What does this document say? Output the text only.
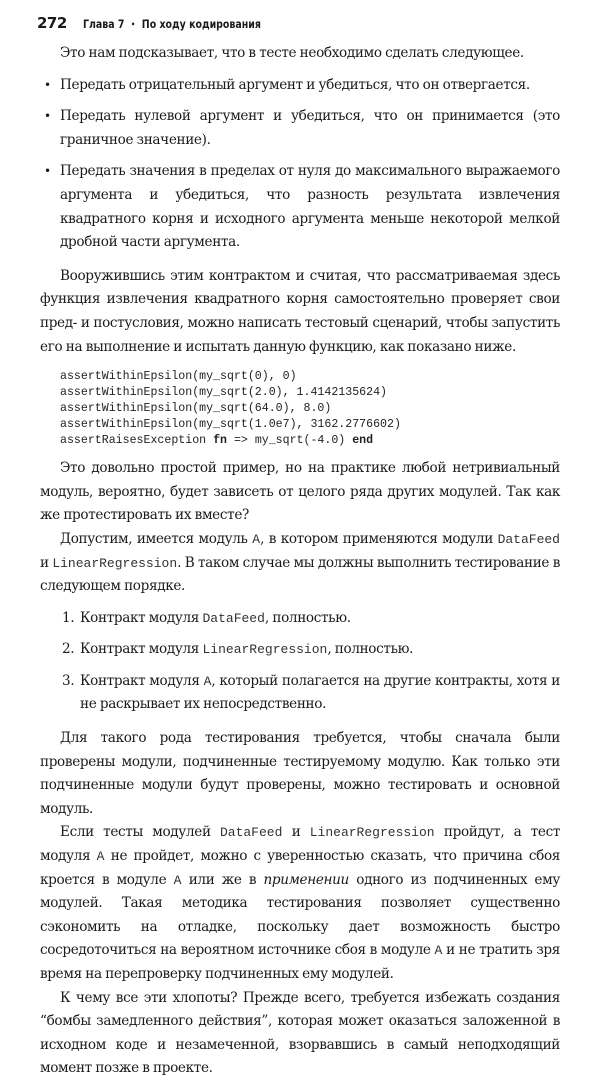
272 Глава 7 • По ходу кодирования

Это нам подсказывает, что в тесте необходимо сделать следующее.

• Передать отрицательный аргумент и убедиться, что он отвергается.
• Передать нулевой аргумент и убедиться, что он принимается (это граничное значение).
• Передать значения в пределах от нуля до максимального выражаемого аргумента и убедиться, что разность результата извлечения квадратного корня и исходного аргумента меньше некоторой мелкой дробной части аргумента.

Вооружившись этим контрактом и считая, что рассматриваемая здесь функция извлечения квадратного корня самостоятельно проверяет свои пред- и постусловия, можно написать тестовый сценарий, чтобы запустить его на выполнение и испытать данную функцию, как показано ниже.

assertWithinEpsilon(my_sqrt(0), 0)
assertWithinEpsilon(my_sqrt(2.0), 1.4142135624)
assertWithinEpsilon(my_sqrt(64.0), 8.0)
assertWithinEpsilon(my_sqrt(1.0e7), 3162.2776602)
assertRaisesException fn => my_sqrt(-4.0) end

Это довольно простой пример, но на практике любой нетривиальный модуль, вероятно, будет зависеть от целого ряда других модулей. Так как же протестировать их вместе?

Допустим, имеется модуль A, в котором применяются модули DataFeed и LinearRegression. В таком случае мы должны выполнить тестирование в следующем порядке.

1. Контракт модуля DataFeed, полностью.
2. Контракт модуля LinearRegression, полностью.
3. Контракт модуля A, который полагается на другие контракты, хотя и не раскрывает их непосредственно.

Для такого рода тестирования требуется, чтобы сначала были проверены модули, подчиненные тестируемому модулю. Как только эти подчиненные модули будут проверены, можно тестировать и основной модуль.

Если тесты модулей DataFeed и LinearRegression пройдут, а тест модуля A не пройдет, можно с уверенностью сказать, что причина сбоя кроется в модуле A или же в применении одного из подчиненных ему модулей. Такая методика тестирования позволяет существенно сэкономить на отладке, поскольку дает возможность быстро сосредоточиться на вероятном источнике сбоя в модуле A и не тратить зря время на перепроверку подчиненных ему модулей.

К чему все эти хлопоты? Прежде всего, требуется избежать создания “бомбы замедленного действия”, которая может оказаться заложенной в исходном коде и незамеченной, взорвавшись в самый неподходящий момент позже в проекте.
